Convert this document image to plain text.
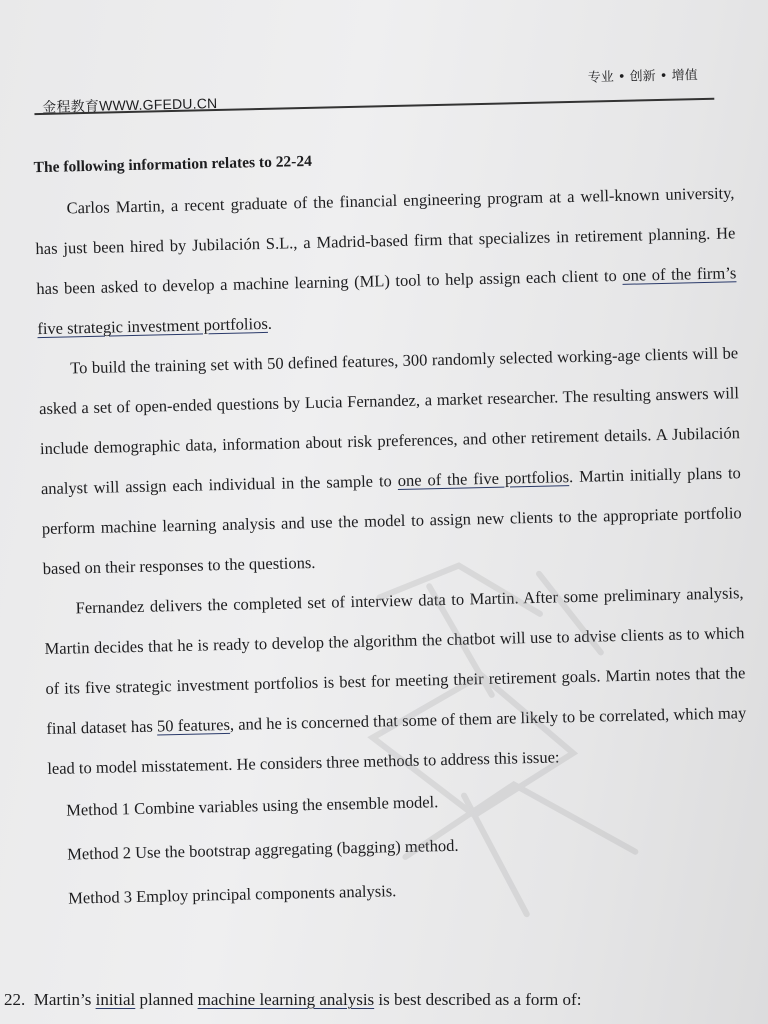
金程教育WWW.GFEDU.CN
专业 • 创新 • 增值

The following information relates to 22-24

Carlos Martin, a recent graduate of the financial engineering program at a well-known university, has just been hired by Jubilación S.L., a Madrid-based firm that specializes in retirement planning. He has been asked to develop a machine learning (ML) tool to help assign each client to one of the firm’s five strategic investment portfolios.

To build the training set with 50 defined features, 300 randomly selected working-age clients will be asked a set of open-ended questions by Lucia Fernandez, a market researcher. The resulting answers will include demographic data, information about risk preferences, and other retirement details. A Jubilación analyst will assign each individual in the sample to one of the five portfolios. Martin initially plans to perform machine learning analysis and use the model to assign new clients to the appropriate portfolio based on their responses to the questions.

Fernandez delivers the completed set of interview data to Martin. After some preliminary analysis, Martin decides that he is ready to develop the algorithm the chatbot will use to advise clients as to which of its five strategic investment portfolios is best for meeting their retirement goals. Martin notes that the final dataset has 50 features, and he is concerned that some of them are likely to be correlated, which may lead to model misstatement. He considers three methods to address this issue:

Method 1 Combine variables using the ensemble model.

Method 2 Use the bootstrap aggregating (bagging) method.

Method 3 Employ principal components analysis.

22. Martin’s initial planned machine learning analysis is best described as a form of:
